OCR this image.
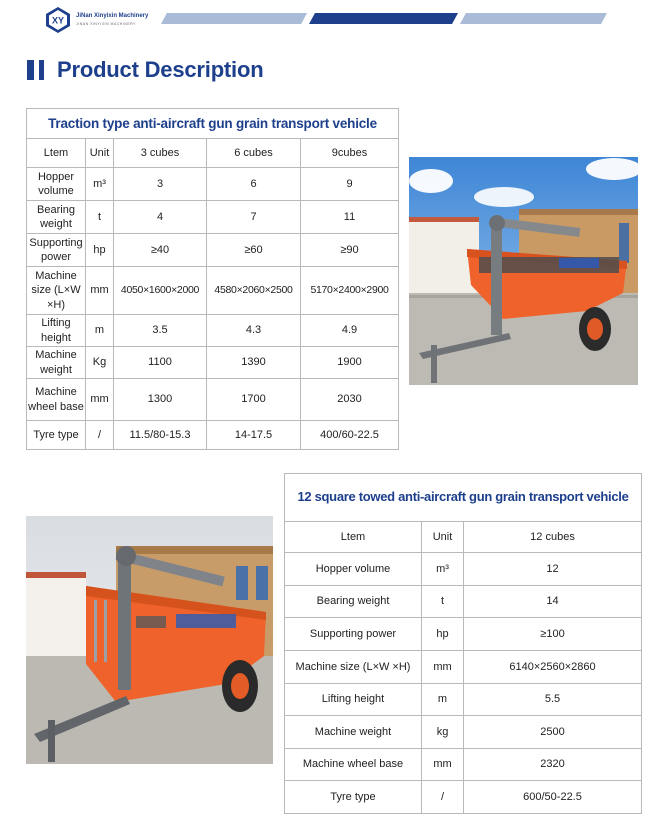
XY JiNan Xinyixin Machinery
JINAN XINYIXIN MACHINERY
Product Description
Traction type anti-aircraft gun grain transport vehicle				
Ltem	Unit	3 cubes	6 cubes	9cubes
Hopper volume	m³	3	6	9
Bearing weight	t	4	7	11
Supporting power	hp	≥40	≥60	≥90
Machine size (L×W ×H)	mm	4050×1600×2000	4580×2060×2500	5170×2400×2900
Lifting height	m	3.5	4.3	4.9
Machine weight	Kg	1100	1390	1900
Machine wheel base	mm	1300	1700	2030
Tyre type	/	11.5/80-15.3	14-17.5	400/60-22.5
12 square towed anti-aircraft gun grain transport vehicle		
Ltem	Unit	12 cubes
Hopper volume	m³	12
Bearing weight	t	14
Supporting power	hp	≥100
Machine size (L×W ×H)	mm	6140×2560×2860
Lifting height	m	5.5
Machine weight	kg	2500
Machine wheel base	mm	2320
Tyre type	/	600/50-22.5
